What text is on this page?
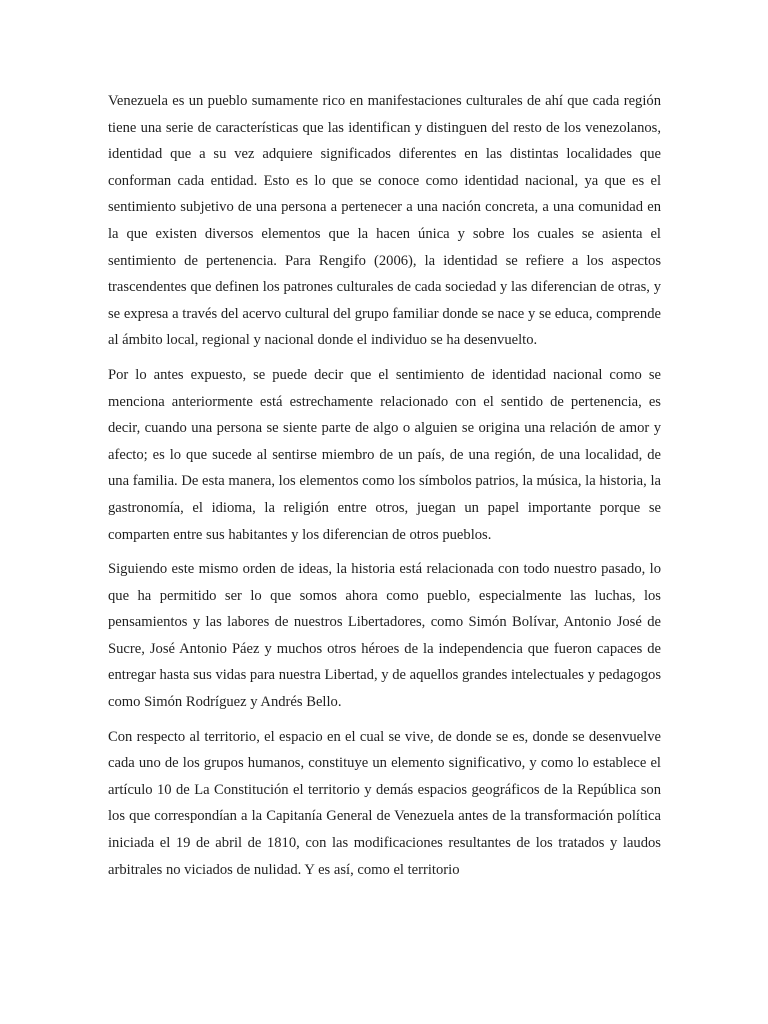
Venezuela es un pueblo sumamente rico en manifestaciones culturales de ahí que cada región tiene una serie de características que las identifican y distinguen del resto de los venezolanos, identidad que a su vez adquiere significados diferentes en las distintas localidades que conforman cada entidad. Esto es lo que se conoce como identidad nacional, ya que es el sentimiento subjetivo de una persona a pertenecer a una nación concreta, a una comunidad en la que existen diversos elementos que la hacen única y sobre los cuales se asienta el sentimiento de pertenencia. Para Rengifo (2006), la identidad se refiere a los aspectos trascendentes que definen los patrones culturales de cada sociedad y las diferencian de otras, y se expresa a través del acervo cultural del grupo familiar donde se nace y se educa, comprende al ámbito local, regional y nacional donde el individuo se ha desenvuelto.

Por lo antes expuesto, se puede decir que el sentimiento de identidad nacional como se menciona anteriormente está estrechamente relacionado con el sentido de pertenencia, es decir, cuando una persona se siente parte de algo o alguien se origina una relación de amor y afecto; es lo que sucede al sentirse miembro de un país, de una región, de una localidad, de una familia. De esta manera, los elementos como los símbolos patrios, la música, la historia, la gastronomía, el idioma, la religión entre otros, juegan un papel importante porque se comparten entre sus habitantes y los diferencian de otros pueblos.

Siguiendo este mismo orden de ideas, la historia está relacionada con todo nuestro pasado, lo que ha permitido ser lo que somos ahora como pueblo, especialmente las luchas, los pensamientos y las labores de nuestros Libertadores, como Simón Bolívar, Antonio José de Sucre, José Antonio Páez y muchos otros héroes de la independencia que fueron capaces de entregar hasta sus vidas para nuestra Libertad, y de aquellos grandes intelectuales y pedagogos como Simón Rodríguez y Andrés Bello.

Con respecto al territorio, el espacio en el cual se vive, de donde se es, donde se desenvuelve cada uno de los grupos humanos, constituye un elemento significativo, y como lo establece el artículo 10 de La Constitución el territorio y demás espacios geográficos de la República son los que correspondían a la Capitanía General de Venezuela antes de la transformación política iniciada el 19 de abril de 1810, con las modificaciones resultantes de los tratados y laudos arbitrales no viciados de nulidad. Y es así, como el territorio
